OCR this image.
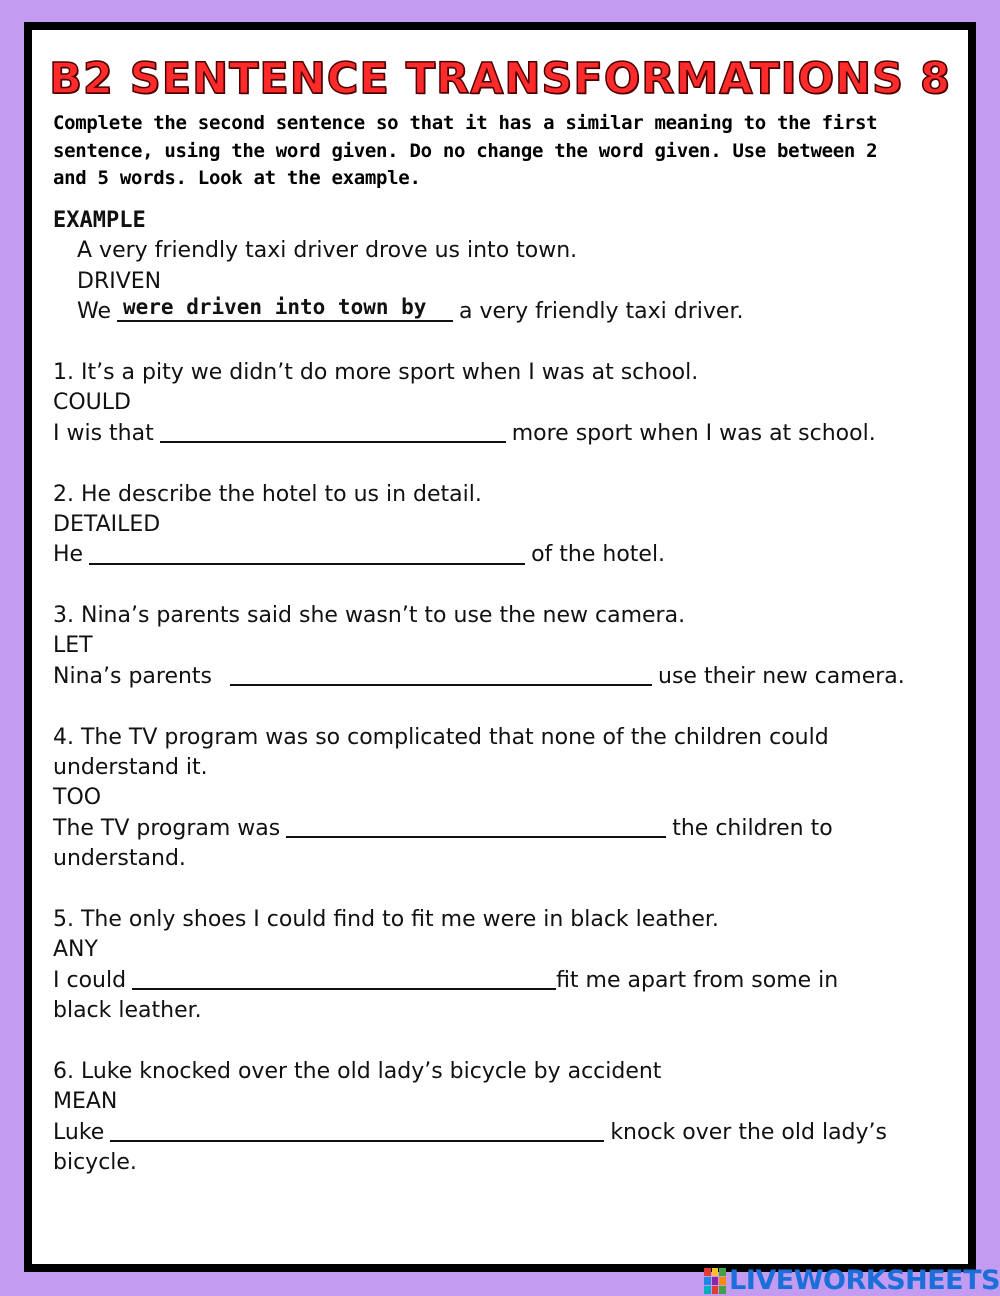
B2 SENTENCE TRANSFORMATIONS 8
Complete the second sentence so that it has a similar meaning to the first
sentence, using the word given. Do no change the word given. Use between 2
and 5 words. Look at the example.
EXAMPLE
A very friendly taxi driver drove us into town.
DRIVEN
We were driven into town by a very friendly taxi driver.
1. It’s a pity we didn’t do more sport when I was at school.
COULD
I wis that	more sport when I was at school.
2. He describe the hotel to us in detail.
DETAILED
He	of the hotel.
3. Nina’s parents said she wasn’t to use the new camera.
LET
Nina’s parents	use their new camera.
4. The TV program was so complicated that none of the children could
understand it.
TOO
The TV program was	the children to
understand.
5. The only shoes I could find to fit me were in black leather.
ANY
I could	fit me apart from some in
black leather.
6. Luke knocked over the old lady’s bicycle by accident
MEAN
Luke	knock over the old lady’s
bicycle.
LIVEWORKSHEETS
